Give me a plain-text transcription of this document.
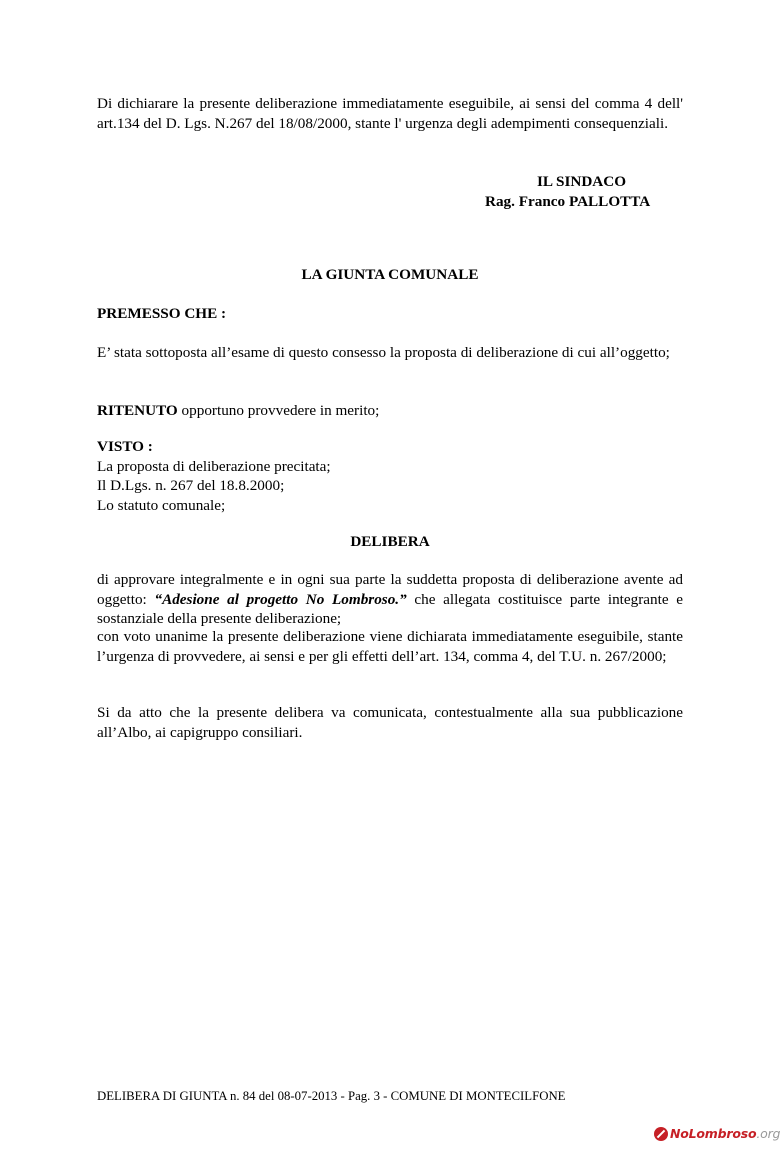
Di dichiarare la presente deliberazione immediatamente eseguibile, ai sensi del comma 4 dell' art.134 del D. Lgs. N.267 del 18/08/2000, stante l' urgenza degli adempimenti consequenziali.
IL SINDACO
Rag. Franco PALLOTTA
LA GIUNTA COMUNALE
PREMESSO CHE :
E’ stata sottoposta all’esame di questo consesso la proposta di deliberazione di cui all’oggetto;
RITENUTO opportuno provvedere in merito;
VISTO :
La proposta di deliberazione precitata;
Il D.Lgs. n. 267 del 18.8.2000;
Lo statuto comunale;
DELIBERA
di approvare integralmente e in ogni sua parte la suddetta proposta di deliberazione avente ad oggetto: “Adesione al progetto No Lombroso.” che allegata costituisce parte integrante e sostanziale della presente deliberazione;
con voto unanime la presente deliberazione viene dichiarata immediatamente eseguibile, stante l’urgenza di provvedere, ai sensi e per gli effetti dell’art. 134, comma 4, del T.U. n. 267/2000;
Si da atto che la presente delibera va comunicata, contestualmente alla sua pubblicazione all’Albo, ai capigruppo consiliari.
DELIBERA DI GIUNTA n. 84 del 08-07-2013 - Pag. 3 - COMUNE DI MONTECILFONE
NoLombroso.org
